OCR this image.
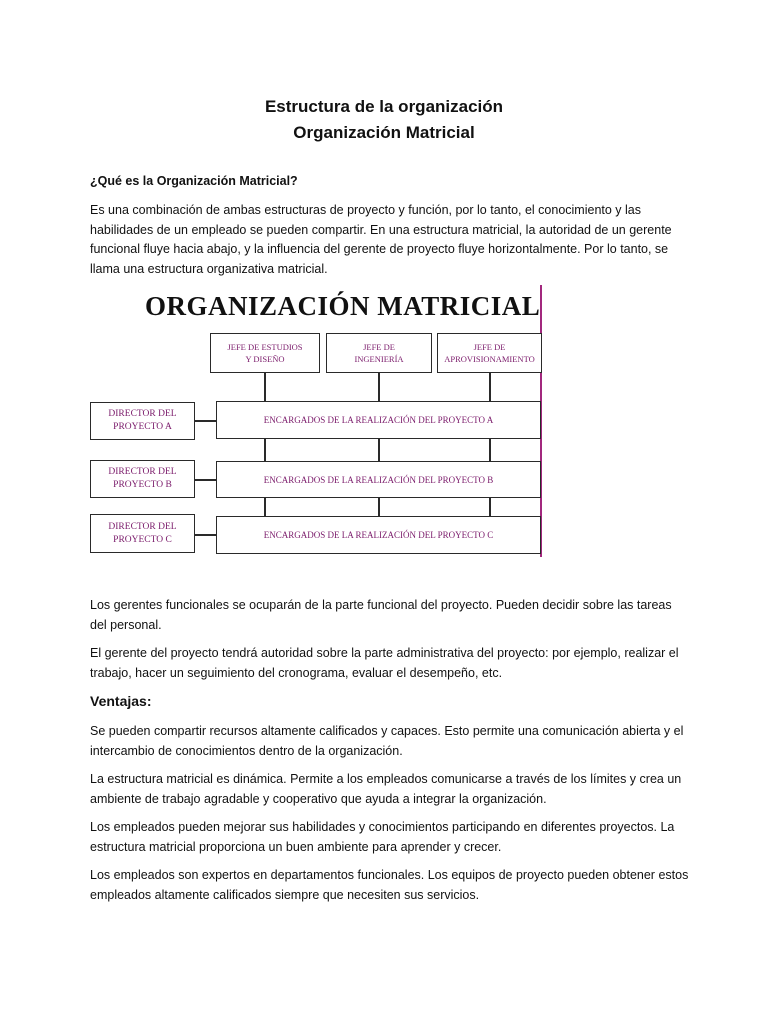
Estructura de la organización
Organización Matricial
¿Qué es la Organización Matricial?
Es una combinación de ambas estructuras de proyecto y función, por lo tanto, el conocimiento y las habilidades de un empleado se pueden compartir. En una estructura matricial, la autoridad de un gerente funcional fluye hacia abajo, y la influencia del gerente de proyecto fluye horizontalmente. Por lo tanto, se llama una estructura organizativa matricial.
ORGANIZACIÓN MATRICIAL
JEFE DE ESTUDIOS
Y DISEÑO
JEFE DE
INGENIERÍA
JEFE DE
APROVISIONAMIENTO
DIRECTOR DEL
PROYECTO A
ENCARGADOS DE LA REALIZACIÓN DEL PROYECTO A
DIRECTOR DEL
PROYECTO B
ENCARGADOS DE LA REALIZACIÓN DEL PROYECTO B
DIRECTOR DEL
PROYECTO C	ENCARGADOS DE LA REALIZACIÓN DEL PROYECTO C
Los gerentes funcionales se ocuparán de la parte funcional del proyecto. Pueden decidir sobre las tareas del personal.
El gerente del proyecto tendrá autoridad sobre la parte administrativa del proyecto: por ejemplo, realizar el trabajo, hacer un seguimiento del cronograma, evaluar el desempeño, etc.
Ventajas:
Se pueden compartir recursos altamente calificados y capaces. Esto permite una comunicación abierta y el intercambio de conocimientos dentro de la organización.
La estructura matricial es dinámica. Permite a los empleados comunicarse a través de los límites y crea un ambiente de trabajo agradable y cooperativo que ayuda a integrar la organización.
Los empleados pueden mejorar sus habilidades y conocimientos participando en diferentes proyectos. La estructura matricial proporciona un buen ambiente para aprender y crecer.
Los empleados son expertos en departamentos funcionales. Los equipos de proyecto pueden obtener estos empleados altamente calificados siempre que necesiten sus servicios.
